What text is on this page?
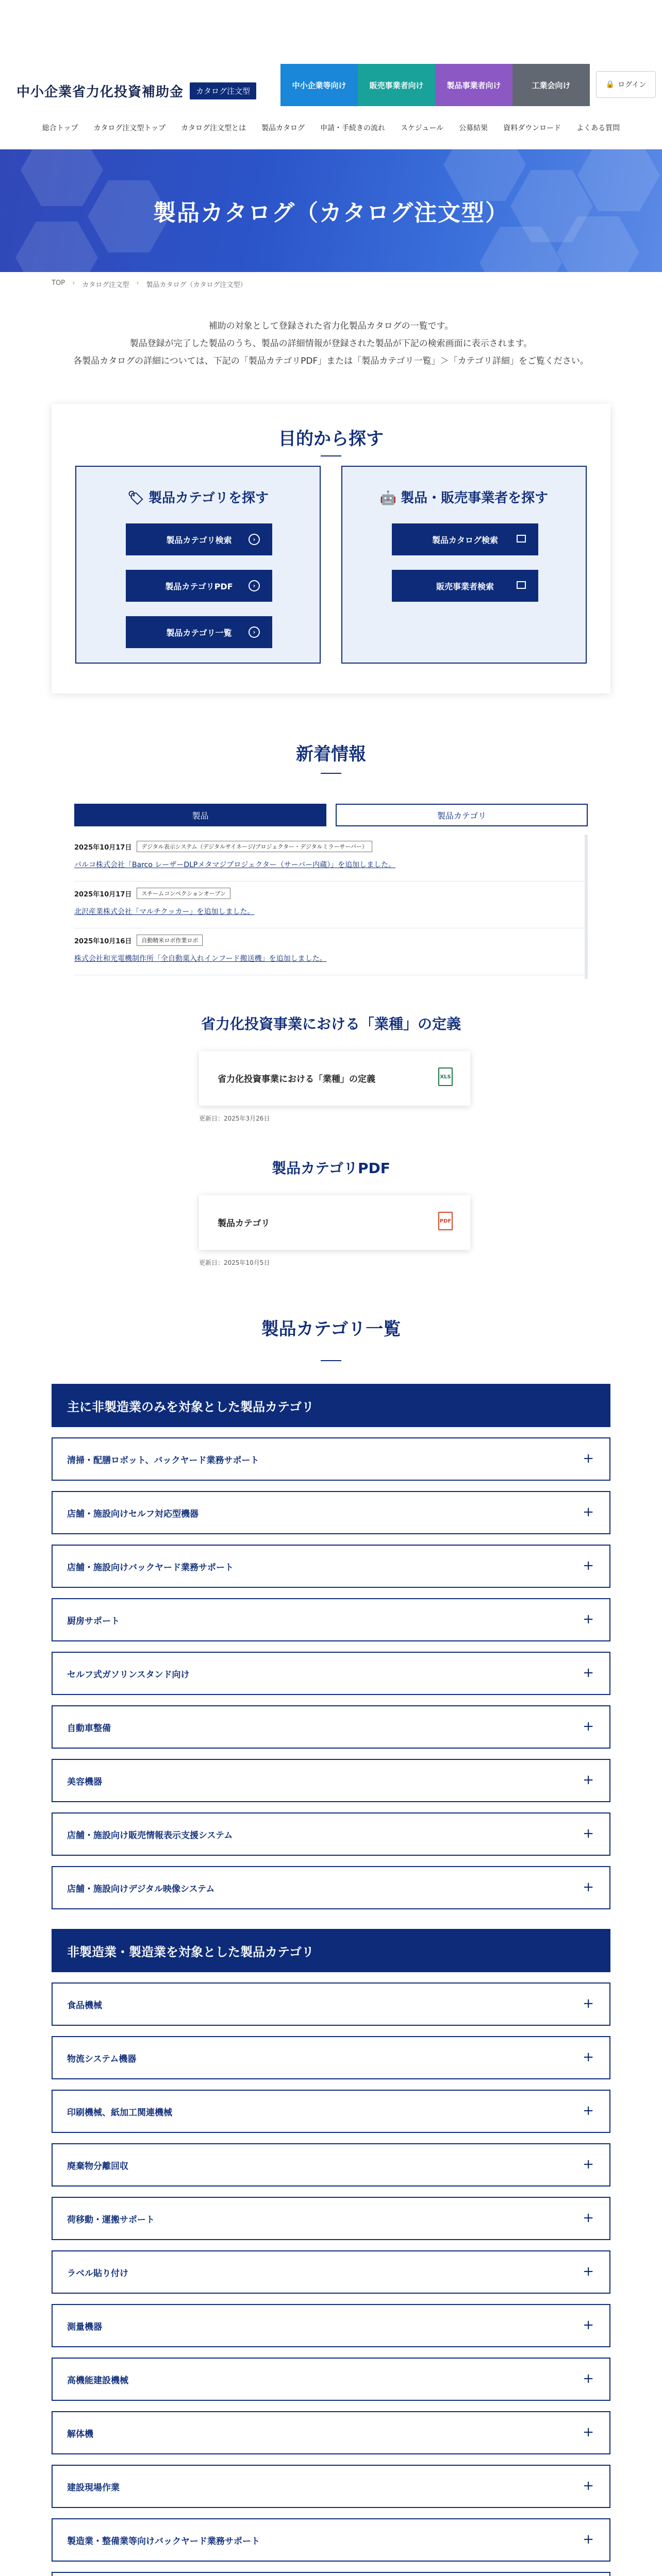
中小企業省力化投資補助金	カタログ注文型
中小企業等向け	販売事業者向け	製品事業者向け	工業会向け	🔒 ログイン
総合トップ カタログ注文型トップ カタログ注文型とは 製品カタログ 申請・手続きの流れ スケジュール 公募結果 資料ダウンロード よくある質問
製品カタログ（カタログ注文型）
TOP › カタログ注文型 › 製品カタログ（カタログ注文型）

補助の対象として登録された省力化製品カタログの一覧です。

製品登録が完了した製品のうち、製品の詳細情報が登録された製品が下記の検索画面に表示されます。

各製品カタログの詳細については、下記の「製品カテゴリPDF」または「製品カテゴリ一覧」＞「カテゴリ詳細」をご覧ください。

目的から探す
🏷 製品カテゴリを探す
製品カテゴリ検索	›
製品カテゴリPDF	›
製品カテゴリ一覧	›
🤖 製品・販売事業者を探す
製品カタログ検索
販売事業者検索
新着情報
製品	製品カテゴリ
2025年10月17日	デジタル表示システム（デジタルサイネージ/プロジェクター・デジタルミラーサーバー）
パルコ株式会社「Barco レーザーDLPメタマジプロジェクター（サーバー内蔵）」を追加しました。
2025年10月17日	スチームコンベクションオーブン
北沢産業株式会社「マルチクッカー」を追加しました。
2025年10月16日	自動精米ロボ作業ロボ
株式会社和光電機制作所「全自動菓入れインフード搬送機」を追加しました。
省力化投資事業における「業種」の定義
省力化投資事業における「業種」の定義	XLS
更新日：2025年3月26日
製品カテゴリPDF
製品カテゴリ	PDF
更新日：2025年10月5日
製品カテゴリ一覧
主に非製造業のみを対象とした製品カテゴリ
清掃・配膳ロボット、バックヤード業務サポート	+
店舗・施設向けセルフ対応型機器	+
店舗・施設向けバックヤード業務サポート	+
厨房サポート	+
セルフ式ガソリンスタンド向け	+
自動車整備	+
美容機器	+
店舗・施設向け販売情報表示支援システム	+
店舗・施設向けデジタル映像システム	+
非製造業・製造業を対象とした製品カテゴリ
食品機械	+
物流システム機器	+
印刷機械、紙加工関連機械	+
廃棄物分離回収	+
荷移動・運搬サポート	+
ラベル貼り付け	+
測量機器	+
高機能建設機械	+
解体機	+
建設現場作業	+
製造業・整備業等向けバックヤード業務サポート	+
